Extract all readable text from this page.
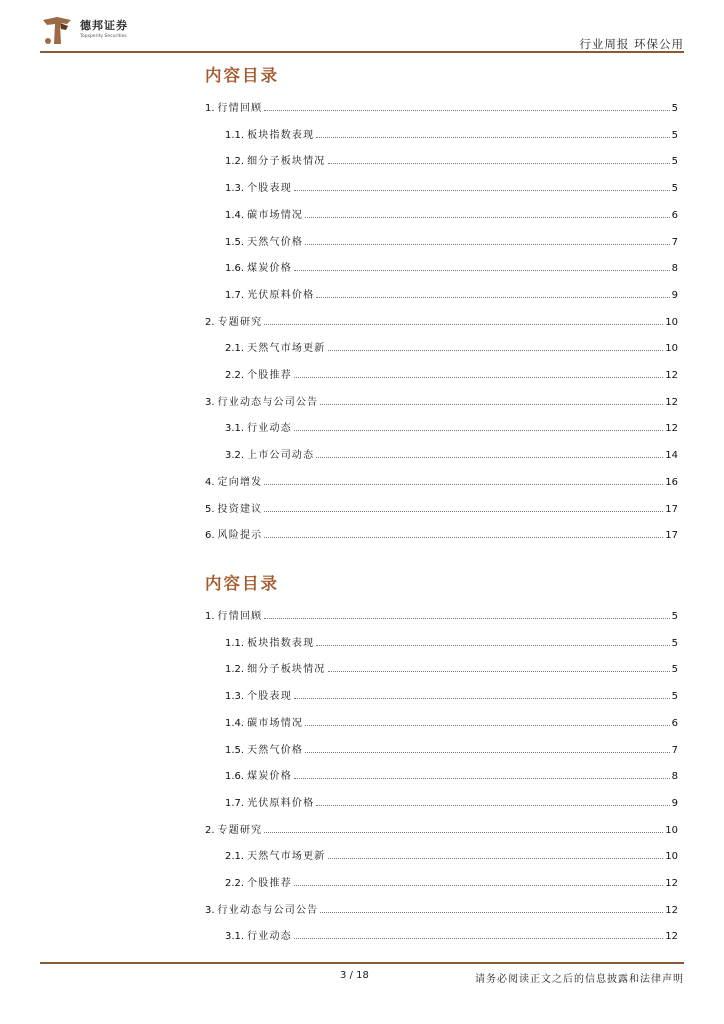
德邦证券
Topsperity Securities
行业周报 环保公用
内容目录
1. 行情回顾	5
1.1. 板块指数表现	5
1.2. 细分子板块情况	5
1.3. 个股表现	5
1.4. 碳市场情况	6
1.5. 天然气价格	7
1.6. 煤炭价格	8
1.7. 光伏原料价格	9
2. 专题研究	10
2.1. 天然气市场更新	10
2.2. 个股推荐	12
3. 行业动态与公司公告	12
3.1. 行业动态	12
3.2. 上市公司动态	14
4. 定向增发	16
5. 投资建议	17
6. 风险提示	17
内容目录
1. 行情回顾	5
1.1. 板块指数表现	5
1.2. 细分子板块情况	5
1.3. 个股表现	5
1.4. 碳市场情况	6
1.5. 天然气价格	7
1.6. 煤炭价格	8
1.7. 光伏原料价格	9
2. 专题研究	10
2.1. 天然气市场更新	10
2.2. 个股推荐	12
3. 行业动态与公司公告	12
3.1. 行业动态	12
3 / 18	请务必阅读正文之后的信息披露和法律声明
